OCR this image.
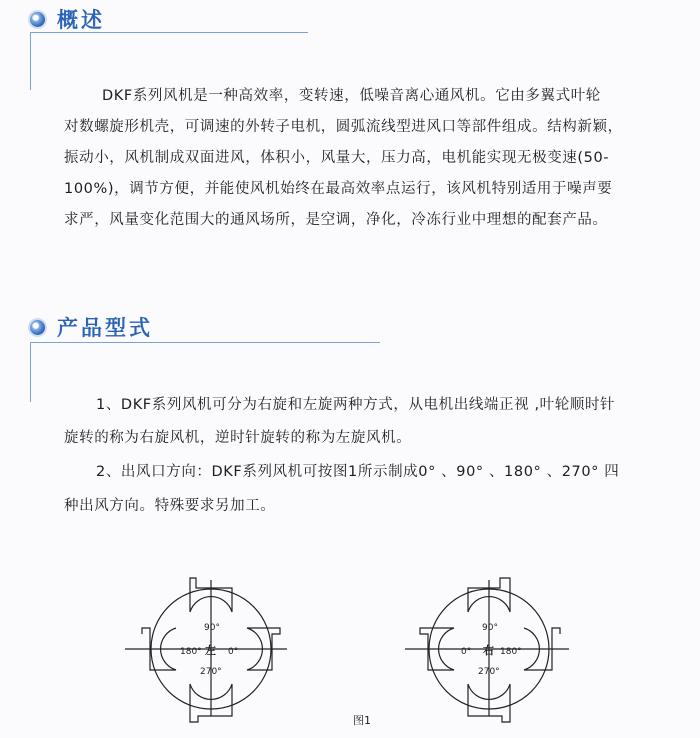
概述
DKF系列风机是一种高效率，变转速，低噪音离心通风机。它由多翼式叶轮
对数螺旋形机壳，可调速的外转子电机，圆弧流线型进风口等部件组成。结构新颖，
振动小，风机制成双面进风，体积小，风量大，压力高，电机能实现无极变速(50-
100%)，调节方便，并能使风机始终在最高效率点运行，该风机特别适用于噪声要
求严，风量变化范围大的通风场所，是空调，净化，冷冻行业中理想的配套产品。
产品型式
1、DKF系列风机可分为右旋和左旋两种方式，从电机出线端正视 ,叶轮顺时针
旋转的称为右旋风机，逆时针旋转的称为左旋风机。
2、出风口方向：DKF系列风机可按图1所示制成0° 、90° 、180° 、270° 四
种出风方向。特殊要求另加工。
90°
180°	0°
270°
左
90°
0°	180°
270°
右
图1
